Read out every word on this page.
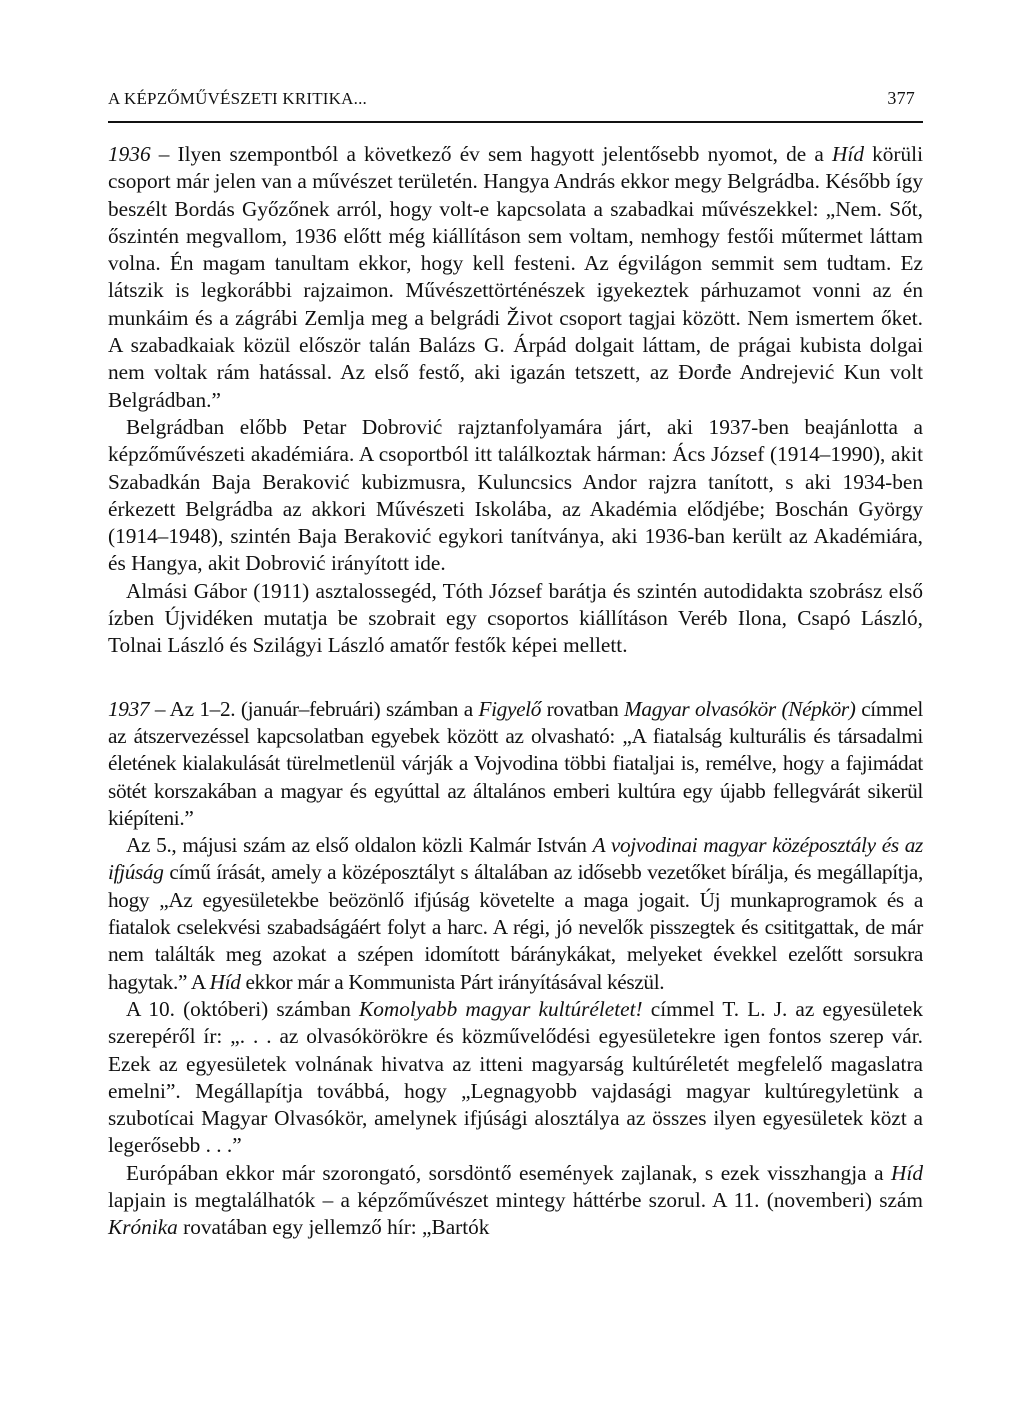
A KÉPZŐMŰVÉSZETI KRITIKA...	377

1936 – Ilyen szempontból a következő év sem hagyott jelentősebb nyomot, de a Híd körüli csoport már jelen van a művészet területén. Hangya András ekkor megy Belgrádba. Később így beszélt Bordás Győzőnek arról, hogy volt-e kapcsolata a szabadkai művészekkel: „Nem. Sőt, őszintén megvallom, 1936 előtt még kiállításon sem voltam, nemhogy festői műtermet láttam volna. Én magam tanultam ekkor, hogy kell festeni. Az égvilágon semmit sem tudtam. Ez látszik is legkorábbi rajzaimon. Művészettörténészek igyekeztek párhuzamot vonni az én munkáim és a zágrábi Zemlja meg a belgrádi Život csoport tagjai között. Nem ismertem őket. A szabadkaiak közül először talán Balázs G. Árpád dolgait láttam, de prágai kubista dolgai nem voltak rám hatással. Az első festő, aki igazán tetszett, az Đorđe Andrejević Kun volt Belgrádban.”

Belgrádban előbb Petar Dobrović rajztanfolyamára járt, aki 1937-ben beajánlotta a képzőművészeti akadémiára. A csoportból itt találkoztak hárman: Ács József (1914–1990), akit Szabadkán Baja Beraković kubizmusra, Kuluncsics Andor rajzra tanított, s aki 1934-ben érkezett Belgrádba az akkori Művészeti Iskolába, az Akadémia elődjébe; Boschán György (1914–1948), szintén Baja Beraković egykori tanítványa, aki 1936-ban került az Akadémiára, és Hangya, akit Dobrović irányított ide.

Almási Gábor (1911) asztalossegéd, Tóth József barátja és szintén autodidakta szobrász első ízben Újvidéken mutatja be szobrait egy csoportos kiállításon Veréb Ilona, Csapó László, Tolnai László és Szilágyi László amatőr festők képei mellett.

1937 – Az 1–2. (január–februári) számban a Figyelő rovatban Magyar olvasókör (Népkör) címmel az átszervezéssel kapcsolatban egyebek között az olvasható: „A fiatalság kulturális és társadalmi életének kialakulását türelmetlenül várják a Vojvodina többi fiataljai is, remélve, hogy a fajimádat sötét korszakában a magyar és egyúttal az általános emberi kultúra egy újabb fellegvárát sikerül kiépíteni.”

Az 5., májusi szám az első oldalon közli Kalmár István A vojvodinai magyar középosztály és az ifjúság című írását, amely a középosztályt s általában az idősebb vezetőket bírálja, és megállapítja, hogy „Az egyesületekbe beözönlő ifjúság követelte a maga jogait. Új munkaprogramok és a fiatalok cselekvési szabadságáért folyt a harc. A régi, jó nevelők pisszegtek és csititgattak, de már nem találták meg azokat a szépen idomított báránykákat, melyeket évekkel ezelőtt sorsukra hagytak.” A Híd ekkor már a Kommunista Párt irányításával készül.

A 10. (októberi) számban Komolyabb magyar kultúréletet! címmel T. L. J. az egyesületek szerepéről ír: „. . . az olvasókörökre és közművelődési egyesületekre igen fontos szerep vár. Ezek az egyesületek volnának hivatva az itteni magyarság kultúréletét megfelelő magaslatra emelni”. Megállapítja továbbá, hogy „Legnagyobb vajdasági magyar kultúregyletünk a szubotícai Magyar Olvasókör, amelynek ifjúsági alosztálya az összes ilyen egyesületek közt a legerősebb . . .”

Európában ekkor már szorongató, sorsdöntő események zajlanak, s ezek visszhangja a Híd lapjain is megtalálhatók – a képzőművészet mintegy háttérbe szorul. A 11. (novemberi) szám Krónika rovatában egy jellemző hír: „Bartók
